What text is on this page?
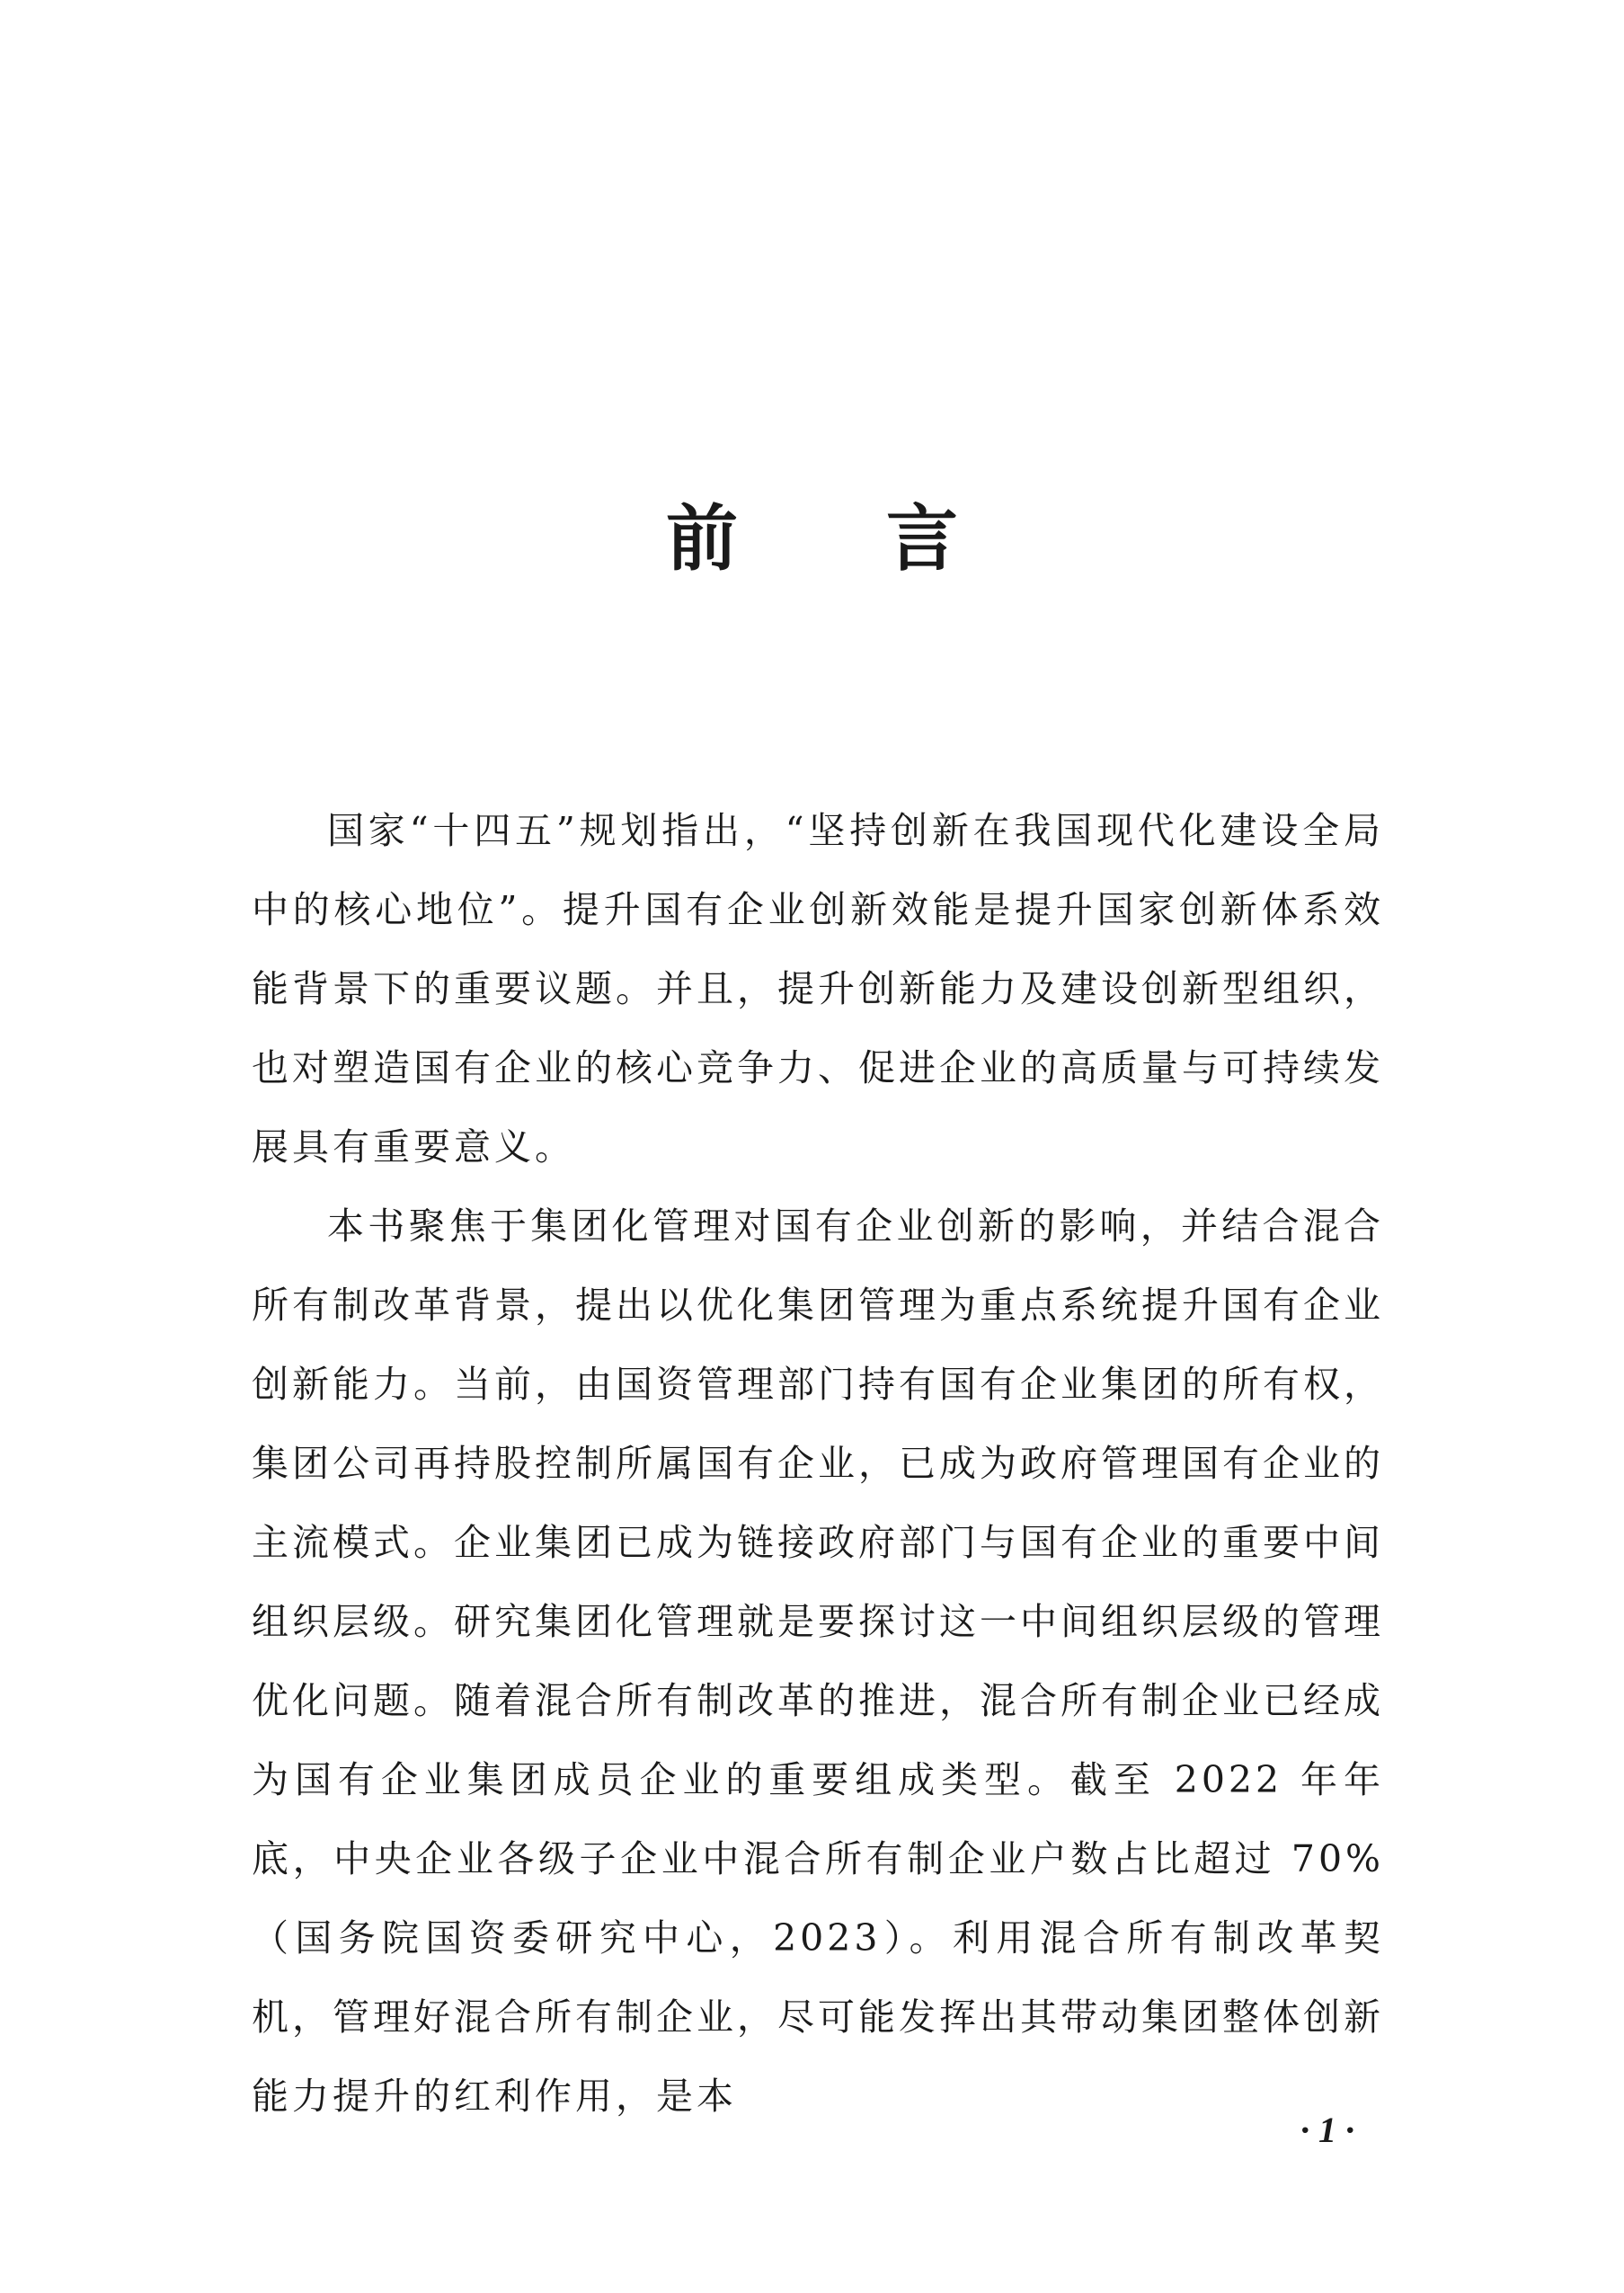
前 言

国家“十四五”规划指出，“坚持创新在我国现代化建设全局中的核心地位”。提升国有企业创新效能是提升国家创新体系效能背景下的重要议题。并且，提升创新能力及建设创新型组织，也对塑造国有企业的核心竞争力、促进企业的高质量与可持续发展具有重要意义。

本书聚焦于集团化管理对国有企业创新的影响，并结合混合所有制改革背景，提出以优化集团管理为重点系统提升国有企业创新能力。当前，由国资管理部门持有国有企业集团的所有权，集团公司再持股控制所属国有企业，已成为政府管理国有企业的主流模式。企业集团已成为链接政府部门与国有企业的重要中间组织层级。研究集团化管理就是要探讨这一中间组织层级的管理优化问题。随着混合所有制改革的推进，混合所有制企业已经成为国有企业集团成员企业的重要组成类型。截至 2022 年年底，中央企业各级子企业中混合所有制企业户数占比超过 70%（国务院国资委研究中心，2023）。利用混合所有制改革契机，管理好混合所有制企业，尽可能发挥出其带动集团整体创新能力提升的红利作用，是本

· 1 ·
